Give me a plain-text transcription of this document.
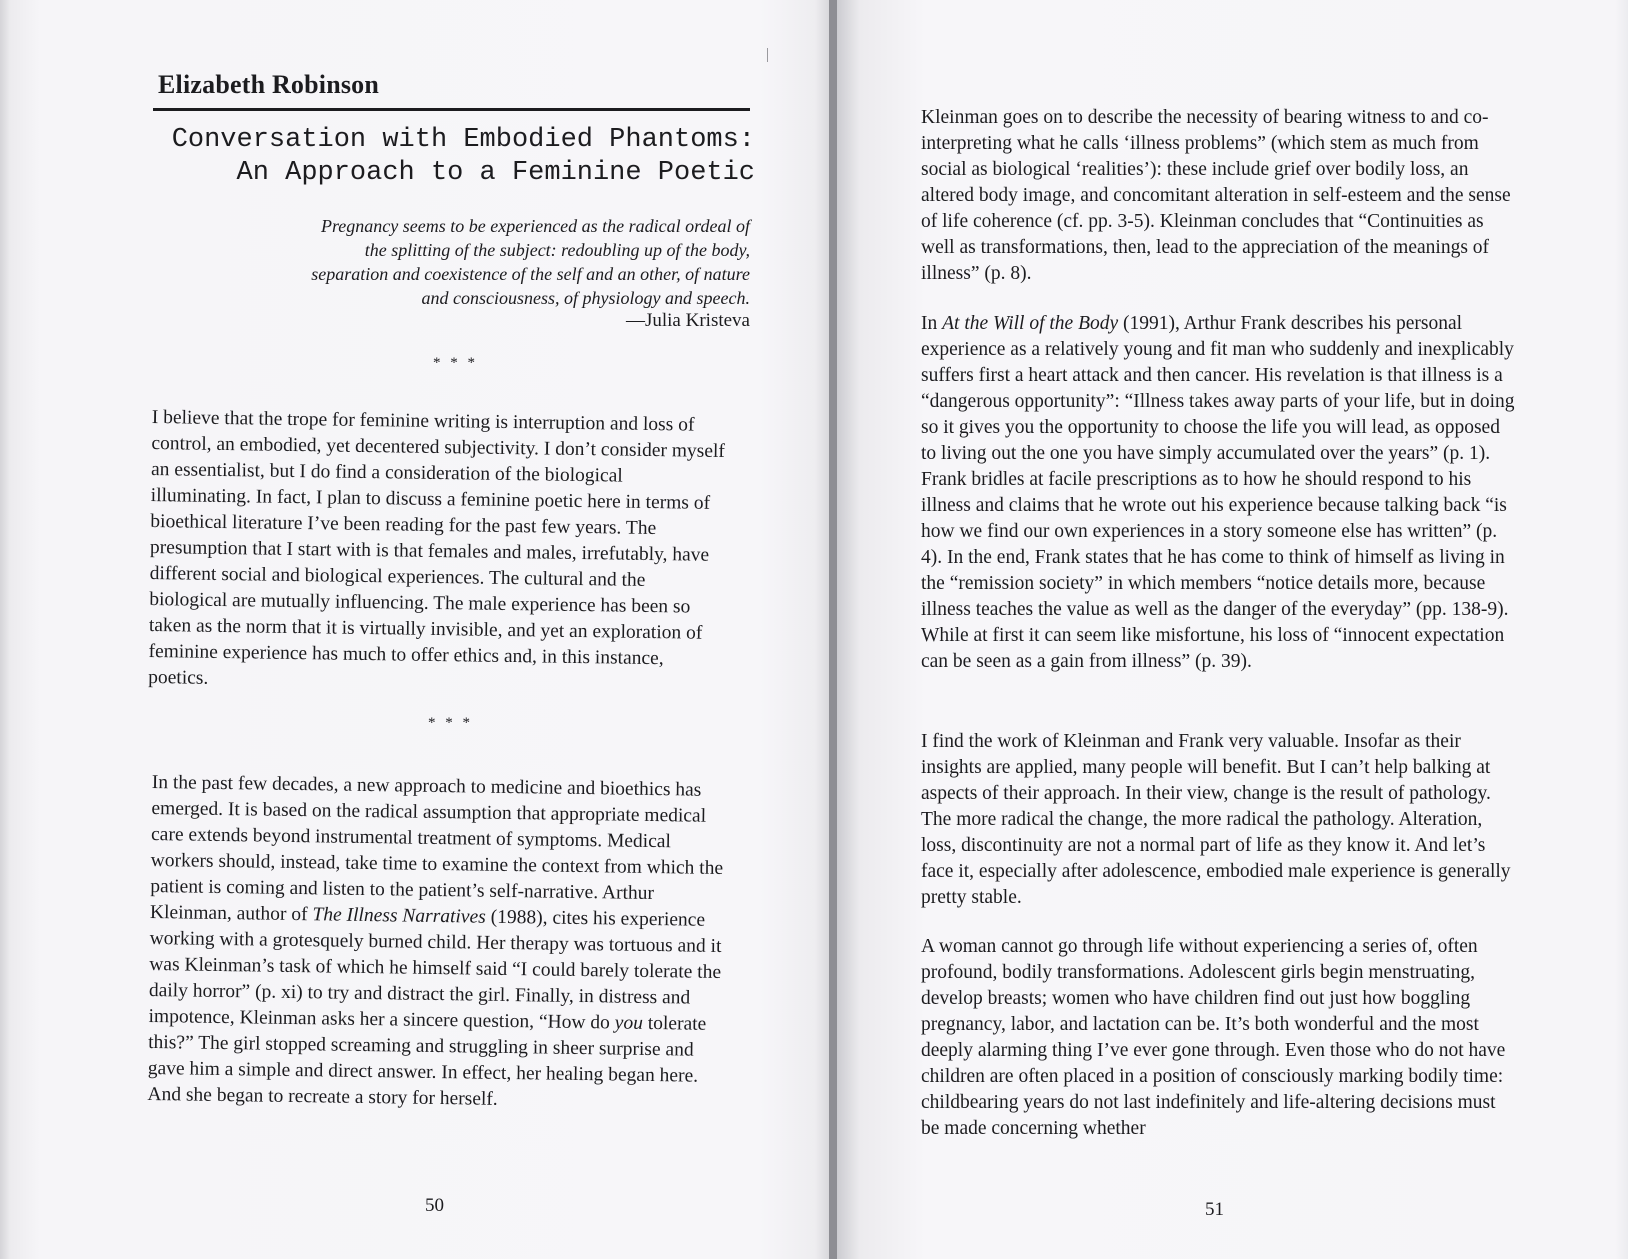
Elizabeth Robinson
Conversation with Embodied Phantoms:
An Approach to a Feminine Poetic
Pregnancy seems to be experienced as the radical ordeal of the splitting of the subject: redoubling up of the body, separation and coexistence of the self and an other, of nature and consciousness, of physiology and speech.
—Julia Kristeva
* * *
I believe that the trope for feminine writing is interruption and loss of control, an embodied, yet decentered subjectivity. I don’t consider myself an essentialist, but I do find a consideration of the biological illuminating. In fact, I plan to discuss a feminine poetic here in terms of bioethical literature I’ve been reading for the past few years. The presumption that I start with is that females and males, irrefutably, have different social and biological experiences. The cultural and the biological are mutually influencing. The male experience has been so taken as the norm that it is virtually invisible, and yet an exploration of feminine experience has much to offer ethics and, in this instance, poetics.
* * *
In the past few decades, a new approach to medicine and bioethics has emerged. It is based on the radical assumption that appropriate medical care extends beyond instrumental treatment of symptoms. Medical workers should, instead, take time to examine the context from which the patient is coming and listen to the patient’s self-narrative. Arthur Kleinman, author of The Illness Narratives (1988), cites his experience working with a grotesquely burned child. Her therapy was tortuous and it was Kleinman’s task of which he himself said “I could barely tolerate the daily horror” (p. xi) to try and distract the girl. Finally, in distress and impotence, Kleinman asks her a sincere question, “How do you tolerate this?” The girl stopped screaming and struggling in sheer surprise and gave him a simple and direct answer. In effect, her healing began here. And she began to recreate a story for herself.
50
Kleinman goes on to describe the necessity of bearing witness to and co-interpreting what he calls ‘illness problems” (which stem as much from social as biological ‘realities’): these include grief over bodily loss, an altered body image, and concomitant alteration in self-esteem and the sense of life coherence (cf. pp. 3-5). Kleinman concludes that “Continuities as well as transformations, then, lead to the appreciation of the meanings of illness” (p. 8).
In At the Will of the Body (1991), Arthur Frank describes his personal experience as a relatively young and fit man who suddenly and inexplicably suffers first a heart attack and then cancer. His revelation is that illness is a “dangerous opportunity”: “Illness takes away parts of your life, but in doing so it gives you the opportunity to choose the life you will lead, as opposed to living out the one you have simply accumulated over the years” (p. 1). Frank bridles at facile prescriptions as to how he should respond to his illness and claims that he wrote out his experience because talking back “is how we find our own experiences in a story someone else has written” (p. 4). In the end, Frank states that he has come to think of himself as living in the “remission society” in which members “notice details more, because illness teaches the value as well as the danger of the everyday” (pp. 138-9). While at first it can seem like misfortune, his loss of “innocent expectation can be seen as a gain from illness” (p. 39).
I find the work of Kleinman and Frank very valuable. Insofar as their insights are applied, many people will benefit. But I can’t help balking at aspects of their approach. In their view, change is the result of pathology. The more radical the change, the more radical the pathology. Alteration, loss, discontinuity are not a normal part of life as they know it. And let’s face it, especially after adolescence, embodied male experience is generally pretty stable.
A woman cannot go through life without experiencing a series of, often profound, bodily transformations. Adolescent girls begin menstruating, develop breasts; women who have children find out just how boggling pregnancy, labor, and lactation can be. It’s both wonderful and the most deeply alarming thing I’ve ever gone through. Even those who do not have children are often placed in a position of consciously marking bodily time: childbearing years do not last indefinitely and life-altering decisions must be made concerning whether
51
